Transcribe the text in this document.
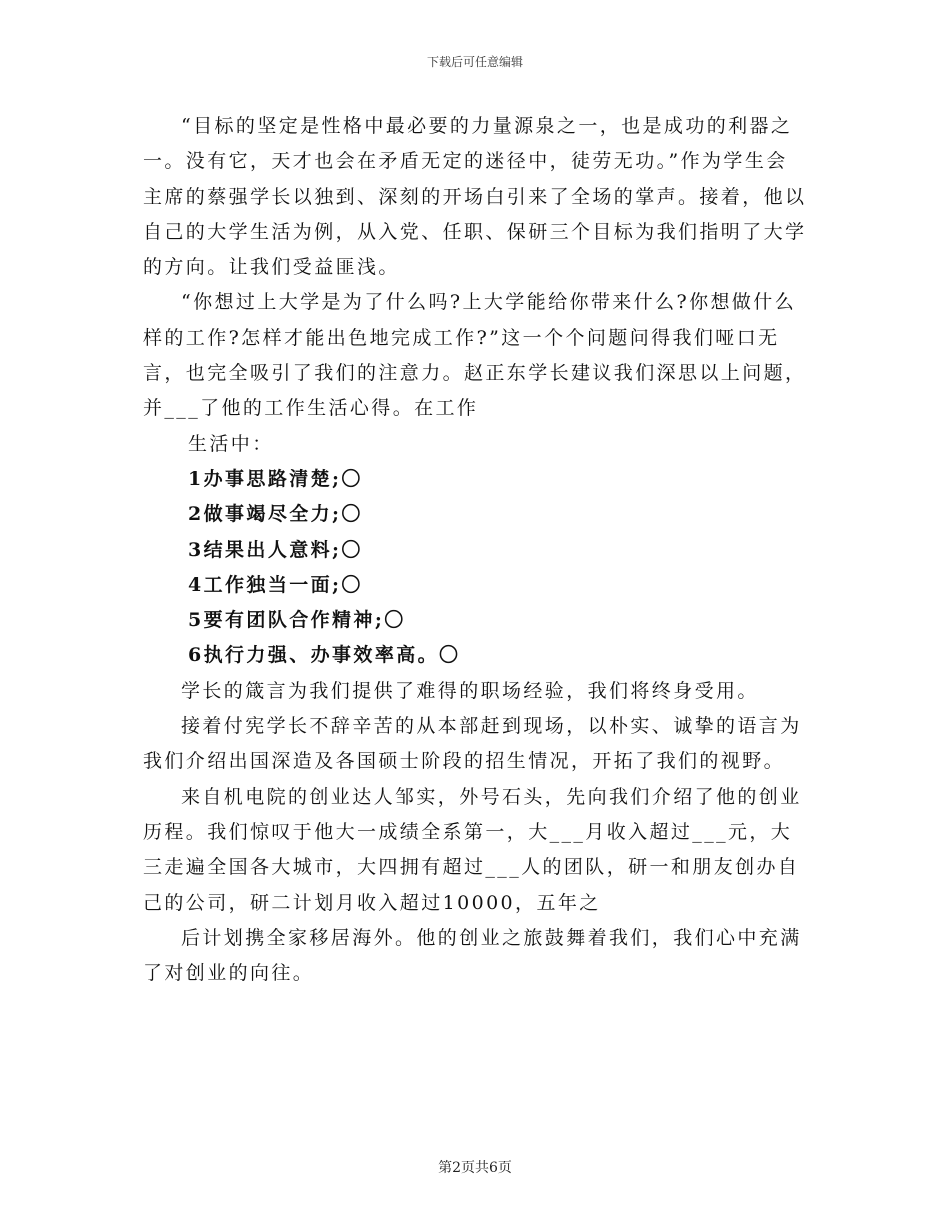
下载后可任意编辑

“目标的坚定是性格中最必要的力量源泉之一，也是成功的利器之一。没有它，天才也会在矛盾无定的迷径中，徒劳无功。”作为学生会主席的蔡强学长以独到、深刻的开场白引来了全场的掌声。接着，他以自己的大学生活为例，从入党、任职、保研三个目标为我们指明了大学的方向。让我们受益匪浅。

“你想过上大学是为了什么吗?上大学能给你带来什么?你想做什么样的工作?怎样才能出色地完成工作?”这一个个问题问得我们哑口无言，也完全吸引了我们的注意力。赵正东学长建议我们深思以上问题，并___了他的工作生活心得。在工作

生活中：

1办事思路清楚;〇

2做事竭尽全力;〇

3结果出人意料;〇

4工作独当一面;〇

5要有团队合作精神;〇

6执行力强、办事效率高。〇

学长的箴言为我们提供了难得的职场经验，我们将终身受用。

接着付宪学长不辞辛苦的从本部赶到现场，以朴实、诚挚的语言为我们介绍出国深造及各国硕士阶段的招生情况，开拓了我们的视野。

来自机电院的创业达人邹实，外号石头，先向我们介绍了他的创业历程。我们惊叹于他大一成绩全系第一，大___月收入超过___元，大三走遍全国各大城市，大四拥有超过___人的团队，研一和朋友创办自己的公司，研二计划月收入超过10000，五年之

后计划携全家移居海外。他的创业之旅鼓舞着我们，我们心中充满了对创业的向往。

第2页共6页
